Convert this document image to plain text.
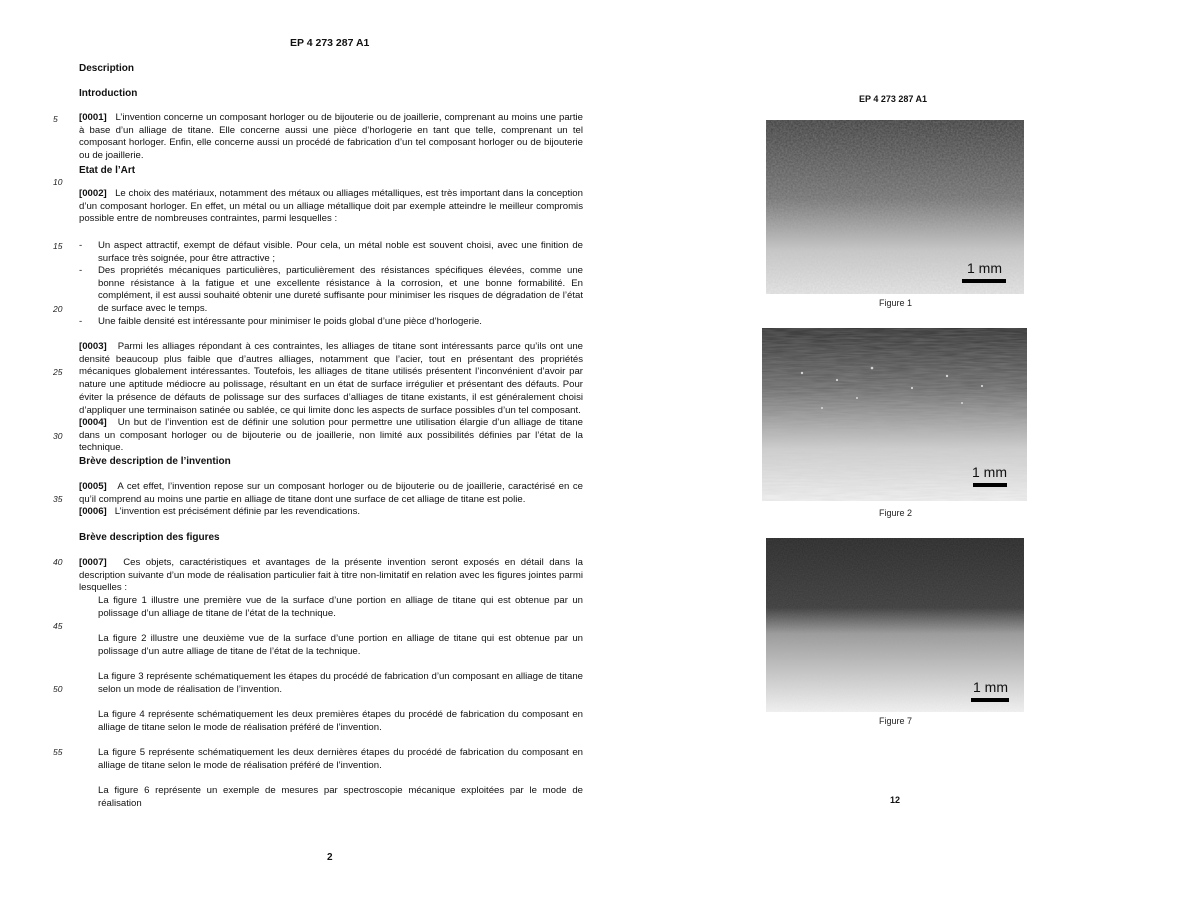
EP 4 273 287 A1
Description
Introduction
[0001] L’invention concerne un composant horloger ou de bijouterie ou de joaillerie, comprenant au moins une partie à base d’un alliage de titane. Elle concerne aussi une pièce d’horlogerie en tant que telle, comprenant un tel composant horloger. Enfin, elle concerne aussi un procédé de fabrication d’un tel composant horloger ou de bijouterie ou de joaillerie.
Etat de l’Art
[0002] Le choix des matériaux, notamment des métaux ou alliages métalliques, est très important dans la conception d’un composant horloger. En effet, un métal ou un alliage métallique doit par exemple atteindre le meilleur compromis possible entre de nombreuses contraintes, parmi lesquelles :
- Un aspect attractif, exempt de défaut visible. Pour cela, un métal noble est souvent choisi, avec une finition de surface très soignée, pour être attractive ;
- Des propriétés mécaniques particulières, particulièrement des résistances spécifiques élevées, comme une bonne résistance à la fatigue et une excellente résistance à la corrosion, et une bonne formabilité. En complément, il est aussi souhaité obtenir une dureté suffisante pour minimiser les risques de dégradation de l’état de surface avec le temps.
- Une faible densité est intéressante pour minimiser le poids global d’une pièce d’horlogerie.
[0003] Parmi les alliages répondant à ces contraintes, les alliages de titane sont intéressants parce qu’ils ont une densité beaucoup plus faible que d’autres alliages, notamment que l’acier, tout en présentant des propriétés mécaniques globalement intéressantes. Toutefois, les alliages de titane utilisés présentent l’inconvénient d’avoir par nature une aptitude médiocre au polissage, résultant en un état de surface irrégulier et présentant des défauts. Pour éviter la présence de défauts de polissage sur des surfaces d’alliages de titane existants, il est généralement choisi d’appliquer une terminaison satinée ou sablée, ce qui limite donc les aspects de surface possibles d’un tel composant.
[0004] Un but de l’invention est de définir une solution pour permettre une utilisation élargie d’un alliage de titane dans un composant horloger ou de bijouterie ou de joaillerie, non limité aux possibilités définies par l’état de la technique.
Brève description de l’invention
[0005] A cet effet, l’invention repose sur un composant horloger ou de bijouterie ou de joaillerie, caractérisé en ce qu’il comprend au moins une partie en alliage de titane dont une surface de cet alliage de titane est polie.
[0006] L’invention est précisément définie par les revendications.
Brève description des figures
[0007] Ces objets, caractéristiques et avantages de la présente invention seront exposés en détail dans la description suivante d’un mode de réalisation particulier fait à titre non-limitatif en relation avec les figures jointes parmi lesquelles :
La figure 1 illustre une première vue de la surface d’une portion en alliage de titane qui est obtenue par un polissage d’un alliage de titane de l’état de la technique.
La figure 2 illustre une deuxième vue de la surface d’une portion en alliage de titane qui est obtenue par un polissage d’un autre alliage de titane de l’état de la technique.
La figure 3 représente schématiquement les étapes du procédé de fabrication d’un composant en alliage de titane selon un mode de réalisation de l’invention.
La figure 4 représente schématiquement les deux premières étapes du procédé de fabrication du composant en alliage de titane selon le mode de réalisation préféré de l’invention.
La figure 5 représente schématiquement les deux dernières étapes du procédé de fabrication du composant en alliage de titane selon le mode de réalisation préféré de l’invention.
La figure 6 représente un exemple de mesures par spectroscopie mécanique exploitées par le mode de réalisation
5
10
15
20
25
30
35
40
45
50
55
2
EP 4 273 287 A1
1 mm
Figure 1
1 mm
Figure 2
1 mm
Figure 7
12
